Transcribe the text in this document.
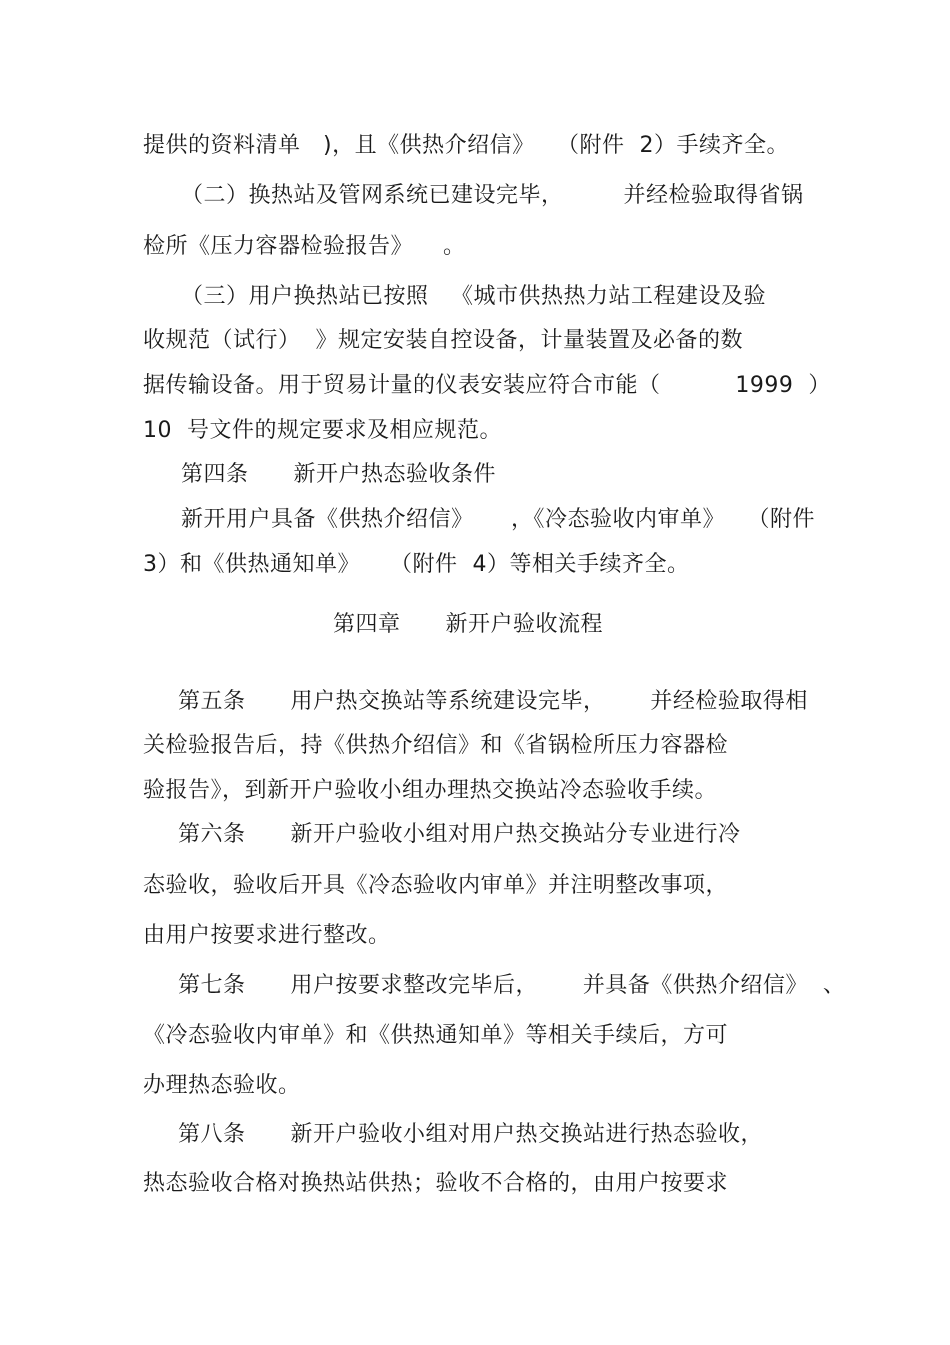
提供的资料清单   )，且《供热介绍信》   （附件  2）手续齐全。
（二）换热站及管网系统已建设完毕，        并经检验取得省锅
检所《压力容器检验报告》    。
（三）用户换热站已按照   《城市供热热力站工程建设及验
收规范（试行）  》规定安装自控设备，计量装置及必备的数
据传输设备。用于贸易计量的仪表安装应符合市能（          1999  ）
10  号文件的规定要求及相应规范。
第四条      新开户热态验收条件
新开用户具备《供热介绍信》     ，《冷态验收内审单》   （附件
3）和《供热通知单》    （附件  4）等相关手续齐全。
第四章      新开户验收流程
第五条      用户热交换站等系统建设完毕，      并经检验取得相
关检验报告后，持《供热介绍信》和《省锅检所压力容器检
验报告》，到新开户验收小组办理热交换站冷态验收手续。
第六条      新开户验收小组对用户热交换站分专业进行冷
态验收，验收后开具《冷态验收内审单》并注明整改事项，
由用户按要求进行整改。
第七条      用户按要求整改完毕后，      并具备《供热介绍信》  、
《冷态验收内审单》和《供热通知单》等相关手续后，方可
办理热态验收。
第八条      新开户验收小组对用户热交换站进行热态验收，
热态验收合格对换热站供热；验收不合格的，由用户按要求
